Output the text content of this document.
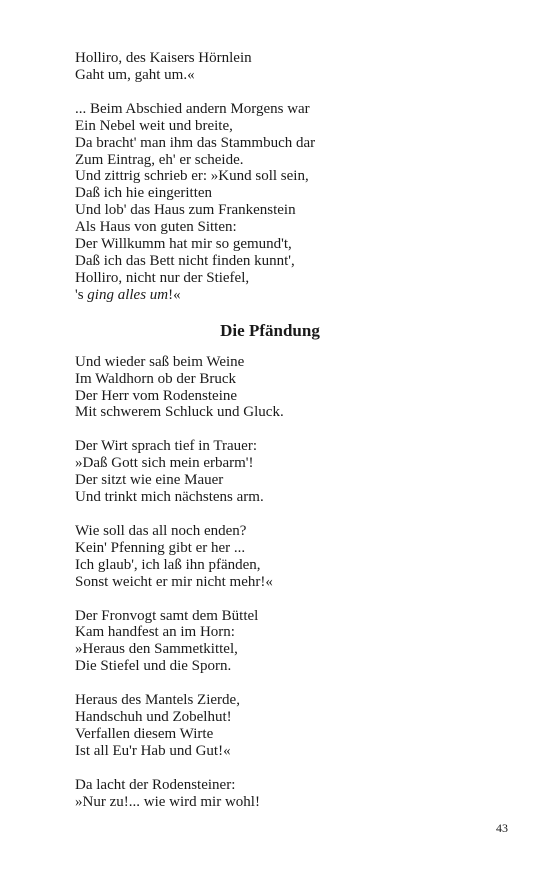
Holliro, des Kaisers Hörnlein
Gaht um, gaht um.«
... Beim Abschied andern Morgens war
Ein Nebel weit und breite,
Da bracht' man ihm das Stammbuch dar
Zum Eintrag, eh' er scheide.
Und zittrig schrieb er: »Kund soll sein,
Daß ich hie eingeritten
Und lob' das Haus zum Frankenstein
Als Haus von guten Sitten:
Der Willkumm hat mir so gemund't,
Daß ich das Bett nicht finden kunnt',
Holliro, nicht nur der Stiefel,
's ging alles um!«
Die Pfändung
Und wieder saß beim Weine
Im Waldhorn ob der Bruck
Der Herr vom Rodensteine
Mit schwerem Schluck und Gluck.
Der Wirt sprach tief in Trauer:
»Daß Gott sich mein erbarm'!
Der sitzt wie eine Mauer
Und trinkt mich nächstens arm.
Wie soll das all noch enden?
Kein' Pfenning gibt er her ...
Ich glaub', ich laß ihn pfänden,
Sonst weicht er mir nicht mehr!«
Der Fronvogt samt dem Büttel
Kam handfest an im Horn:
»Heraus den Sammetkittel,
Die Stiefel und die Sporn.
Heraus des Mantels Zierde,
Handschuh und Zobelhut!
Verfallen diesem Wirte
Ist all Eu'r Hab und Gut!«
Da lacht der Rodensteiner:
»Nur zu!... wie wird mir wohl!
43
